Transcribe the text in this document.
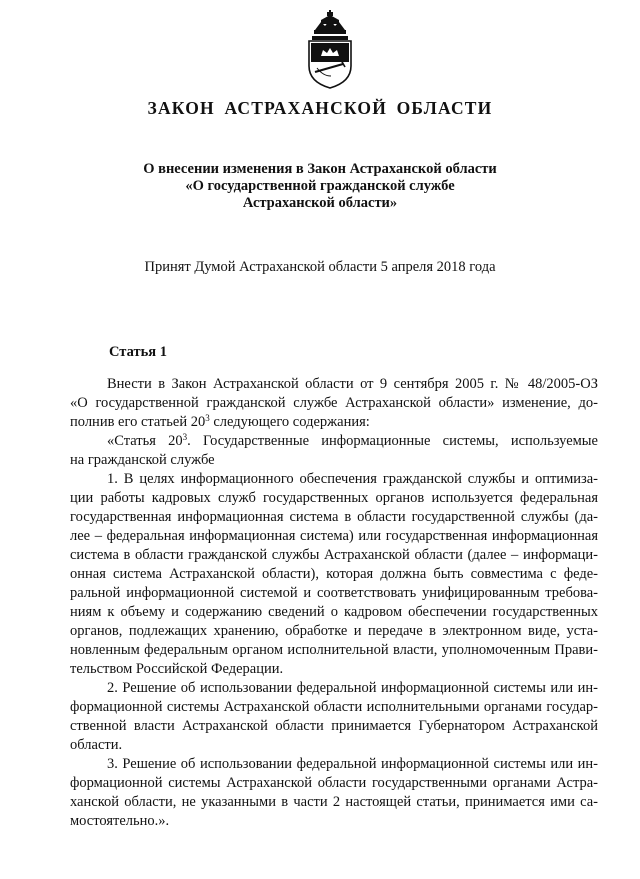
ЗАКОН АСТРАХАНСКОЙ ОБЛАСТИ
О внесении изменения в Закон Астраханской области
«О государственной гражданской службе
Астраханской области»
Принят Думой Астраханской области 5 апреля 2018 года
Статья 1
Внести в Закон Астраханской области от 9 сентября 2005 г. № 48/2005-ОЗ
«О государственной гражданской службе Астраханской области» изменение, до-
полнив его статьей $20^3$ следующего содержания:
«Статья $20^3$. Государственные информационные системы, используемые
на гражданской службе
1. В целях информационного обеспечения гражданской службы и оптимиза-
ции работы кадровых служб государственных органов используется федеральная
государственная информационная система в области государственной службы (да-
лее – федеральная информационная система) или государственная информационная
система в области гражданской службы Астраханской области (далее – информаци-
онная система Астраханской области), которая должна быть совместима с феде-
ральной информационной системой и соответствовать унифицированным требова-
ниям к объему и содержанию сведений о кадровом обеспечении государственных
органов, подлежащих хранению, обработке и передаче в электронном виде, уста-
новленным федеральным органом исполнительной власти, уполномоченным Прави-
тельством Российской Федерации.
2. Решение об использовании федеральной информационной системы или ин-
формационной системы Астраханской области исполнительными органами государ-
ственной власти Астраханской области принимается Губернатором Астраханской
области.
3. Решение об использовании федеральной информационной системы или ин-
формационной системы Астраханской области государственными органами Астра-
ханской области, не указанными в части 2 настоящей статьи, принимается ими са-
мостоятельно.».
